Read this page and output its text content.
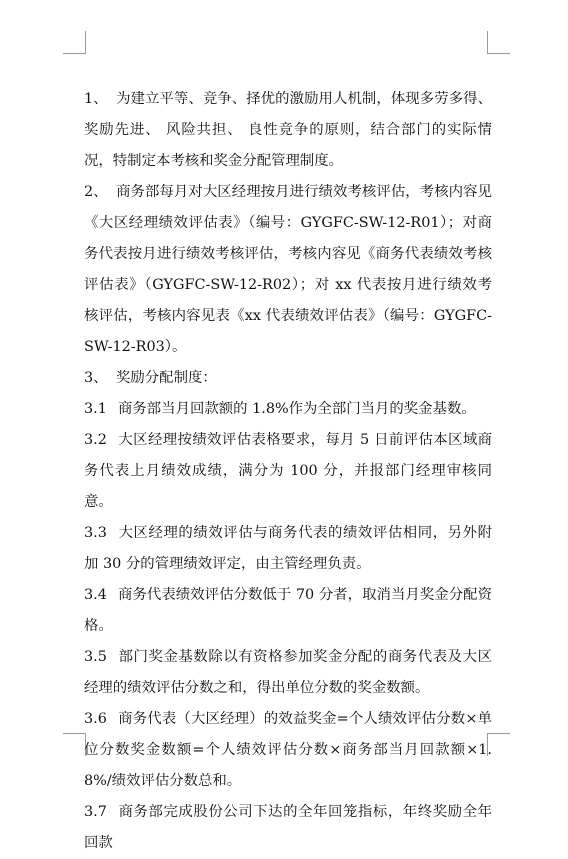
1、 为建立平等、竞争、择优的激励用人机制，体现多劳多得、奖励先进、 风险共担、 良性竞争的原则，结合部门的实际情况，特制定本考核和奖金分配管理制度。

2、 商务部每月对大区经理按月进行绩效考核评估，考核内容见《大区经理绩效评估表》（编号：GYGFC-SW-12-R01）；对商务代表按月进行绩效考核评估，考核内容见《商务代表绩效考核评估表》（GYGFC-SW-12-R02）；对 xx 代表按月进行绩效考核评估，考核内容见表《xx 代表绩效评估表》（编号：GYGFC-SW-12-R03）。

3、 奖励分配制度：

3.1 商务部当月回款额的 1.8%作为全部门当月的奖金基数。

3.2 大区经理按绩效评估表格要求，每月 5 日前评估本区域商务代表上月绩效成绩，满分为 100 分，并报部门经理审核同意。

3.3 大区经理的绩效评估与商务代表的绩效评估相同，另外附加 30 分的管理绩效评定，由主管经理负责。

3.4 商务代表绩效评估分数低于 70 分者，取消当月奖金分配资格。

3.5 部门奖金基数除以有资格参加奖金分配的商务代表及大区经理的绩效评估分数之和，得出单位分数的奖金数额。

3.6 商务代表（大区经理）的效益奖金=个人绩效评估分数×单位分数奖金数额=个人绩效评估分数×商务部当月回款额×1.8%/绩效评估分数总和。

3.7 商务部完成股份公司下达的全年回笼指标，年终奖励全年回款
